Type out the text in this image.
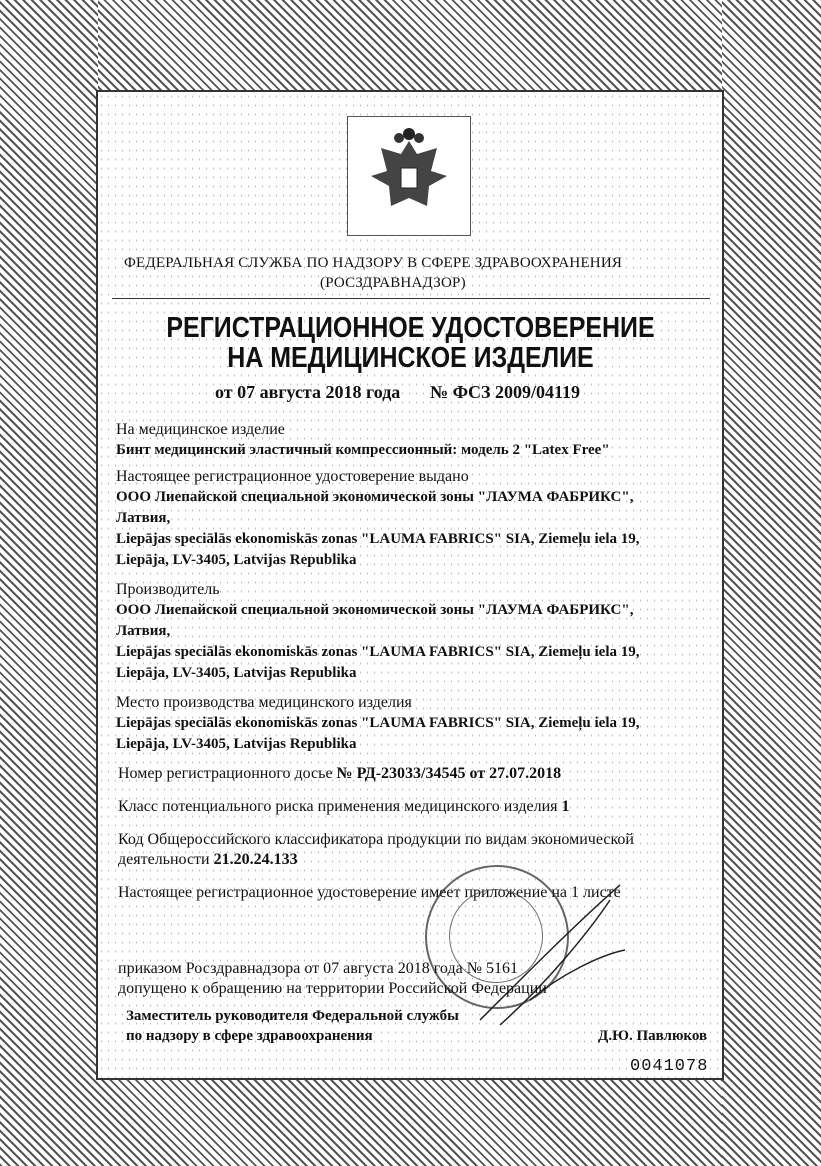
ФЕДЕРАЛЬНАЯ СЛУЖБА ПО НАДЗОРУ В СФЕРЕ ЗДРАВООХРАНЕНИЯ
(РОСЗДРАВНАДЗОР)
РЕГИСТРАЦИОННОЕ УДОСТОВЕРЕНИЕ
НА МЕДИЦИНСКОЕ ИЗДЕЛИЕ
от 07 августа 2018 года № ФСЗ 2009/04119
На медицинское изделие
Бинт медицинский эластичный компрессионный: модель 2 "Latex Free"
Настоящее регистрационное удостоверение выдано
ООО Лиепайской специальной экономической зоны "ЛАУМА ФАБРИКС",
Латвия,
Liepājas speciālās ekonomiskās zonas "LAUMA FABRICS" SIA, Ziemeļu iela 19,
Liepāja, LV-3405, Latvijas Republika
Производитель
ООО Лиепайской специальной экономической зоны "ЛАУМА ФАБРИКС",
Латвия,
Liepājas speciālās ekonomiskās zonas "LAUMA FABRICS" SIA, Ziemeļu iela 19,
Liepāja, LV-3405, Latvijas Republika
Место производства медицинского изделия
Liepājas speciālās ekonomiskās zonas "LAUMA FABRICS" SIA, Ziemeļu iela 19,
Liepāja, LV-3405, Latvijas Republika
Номер регистрационного досье № РД-23033/34545 от 27.07.2018
Класс потенциального риска применения медицинского изделия 1
Код Общероссийского классификатора продукции по видам экономической
деятельности 21.20.24.133
Настоящее регистрационное удостоверение имеет приложение на 1 листе
приказом Росздравнадзора от 07 августа 2018 года № 5161
допущено к обращению на территории Российской Федерации
Заместитель руководителя Федеральной службы
по надзору в сфере здравоохранения	Д.Ю. Павлюков
0041078
